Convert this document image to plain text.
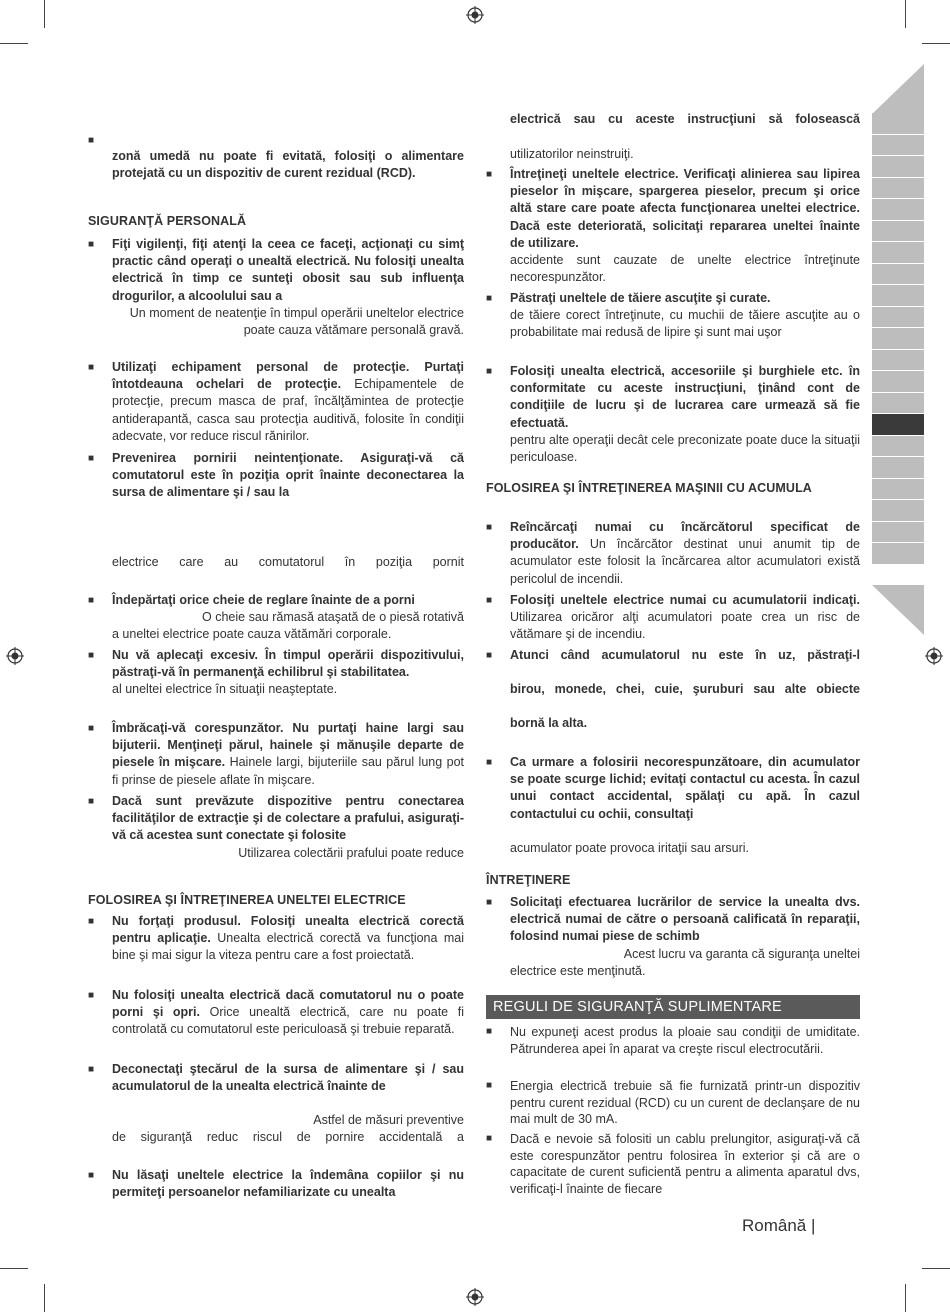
■
zonă umedă nu poate fi evitată, folosiţi o alimentare protejată cu un dispozitiv de curent rezidual (RCD).
SIGURANŢĂ PERSONALĂ
■	Fiţi vigilenţi, fiţi atenţi la ceea ce faceţi, acţionaţi cu simţ practic când operaţi o unealtă electrică. Nu folosiţi unealta electrică în timp ce sunteţi obosit sau sub influenţa drogurilor, a alcoolului sau a
Un moment de neatenţie în timpul operării uneltelor electrice poate cauza vătămare personală gravă.
■	Utilizaţi echipament personal de protecţie. Purtaţi întotdeauna ochelari de protecţie. Echipamentele de protecţie, precum masca de praf, încălţămintea de protecţie antiderapantă, casca sau protecţia auditivă, folosite în condiţii adecvate, vor reduce riscul rănirilor.
■	Prevenirea pornirii neintenţionate. Asiguraţi-vă că comutatorul este în poziţia oprit înainte deconectarea la sursa de alimentare şi / sau la
electrice care au comutatorul în poziţia pornit
■	Îndepărtaţi orice cheie de reglare înainte de a porni
O cheie sau rămasă ataşată de o piesă rotativă
a uneltei electrice poate cauza vătămări corporale.
■	Nu vă aplecaţi excesiv. În timpul operării dispozitivului, păstraţi-vă în permanenţă echilibrul şi stabilitatea.
al uneltei electrice în situaţii neaşteptate.
■	Îmbrăcaţi-vă corespunzător. Nu purtaţi haine largi sau bijuterii. Menţineţi părul, hainele şi mănuşile departe de piesele în mişcare. Hainele largi, bijuteriile sau părul lung pot fi prinse de piesele aflate în mişcare.
■	Dacă sunt prevăzute dispozitive pentru conectarea facilităţilor de extracţie şi de colectare a prafului, asiguraţi-vă că acestea sunt conectate şi folosite
Utilizarea colectării prafului poate reduce
FOLOSIREA ŞI ÎNTREŢINEREA UNELTEI ELECTRICE
■	Nu forţaţi produsul. Folosiţi unealta electrică corectă pentru aplicaţie. Unealta electrică corectă va funcţiona mai bine şi mai sigur la viteza pentru care a fost proiectată.
■	Nu folosiţi unealta electrică dacă comutatorul nu o poate porni şi opri. Orice unealtă electrică, care nu poate fi controlată cu comutatorul este periculoasă şi trebuie reparată.
■	Deconectaţi ştecărul de la sursa de alimentare şi / sau acumulatorul de la unealta electrică înainte de
Astfel de măsuri preventive
de siguranţă reduc riscul de pornire accidentală a
■	Nu lăsaţi uneltele electrice la îndemâna copiilor şi nu permiteţi persoanelor nefamiliarizate cu unealta
electrică sau cu aceste instrucţiuni să folosească
utilizatorilor neinstruiţi.
■	Întreţineţi uneltele electrice. Verificaţi alinierea sau lipirea pieselor în mişcare, spargerea pieselor, precum şi orice altă stare care poate afecta funcţionarea uneltei electrice. Dacă este deteriorată, solicitaţi repararea uneltei înainte de utilizare.
accidente sunt cauzate de unelte electrice întreţinute necorespunzător.
■	Păstraţi uneltele de tăiere ascuţite şi curate.
de tăiere corect întreţinute, cu muchii de tăiere ascuţite au o probabilitate mai redusă de lipire şi sunt mai uşor
■	Folosiţi unealta electrică, accesoriile şi burghiele etc. în conformitate cu aceste instrucţiuni, ţinând cont de condiţiile de lucru şi de lucrarea care urmează să fie efectuată.
pentru alte operaţii decât cele preconizate poate duce la situaţii periculoase.
FOLOSIREA ŞI ÎNTREŢINEREA MAŞINII CU ACUMULA
■	Reîncărcaţi numai cu încărcătorul specificat de producător. Un încărcător destinat unui anumit tip de acumulator este folosit la încărcarea altor acumulatori există pericolul de incendii.
■	Folosiţi uneltele electrice numai cu acumulatorii indicaţi. Utilizarea oricăror alţi acumulatori poate crea un risc de vătămare şi de incendiu.
■	Atunci când acumulatorul nu este în uz, păstraţi-l
birou, monede, chei, cuie, şuruburi sau alte obiecte
bornă la alta.
■	Ca urmare a folosirii necorespunzătoare, din acumulator se poate scurge lichid; evitaţi contactul cu acesta. În cazul unui contact accidental, spălaţi cu apă. În cazul contactului cu ochii, consultaţi
acumulator poate provoca iritaţii sau arsuri.
ÎNTREŢINERE
■	Solicitaţi efectuarea lucrărilor de service la unealta dvs. electrică numai de către o persoană calificată în reparaţii, folosind numai piese de schimb
Acest lucru va garanta că siguranţa uneltei
electrice este menţinută.
■	Nu expuneţi acest produs la ploaie sau condiţii de umiditate. Pătrunderea apei în aparat va creşte riscul electrocutării.
■	Energia electrică trebuie să fie furnizată printr-un dispozitiv pentru curent rezidual (RCD) cu un curent de declanşare de nu mai mult de 30 mA.
■	Dacă e nevoie să folositi un cablu prelungitor, asiguraţi-vă că este corespunzător pentru folosirea în exterior şi că are o capacitate de curent suficientă pentru a alimenta aparatul dvs, verificaţi-l înainte de fiecare
REGULI DE SIGURANŢĂ SUPLIMENTARE
Română |
